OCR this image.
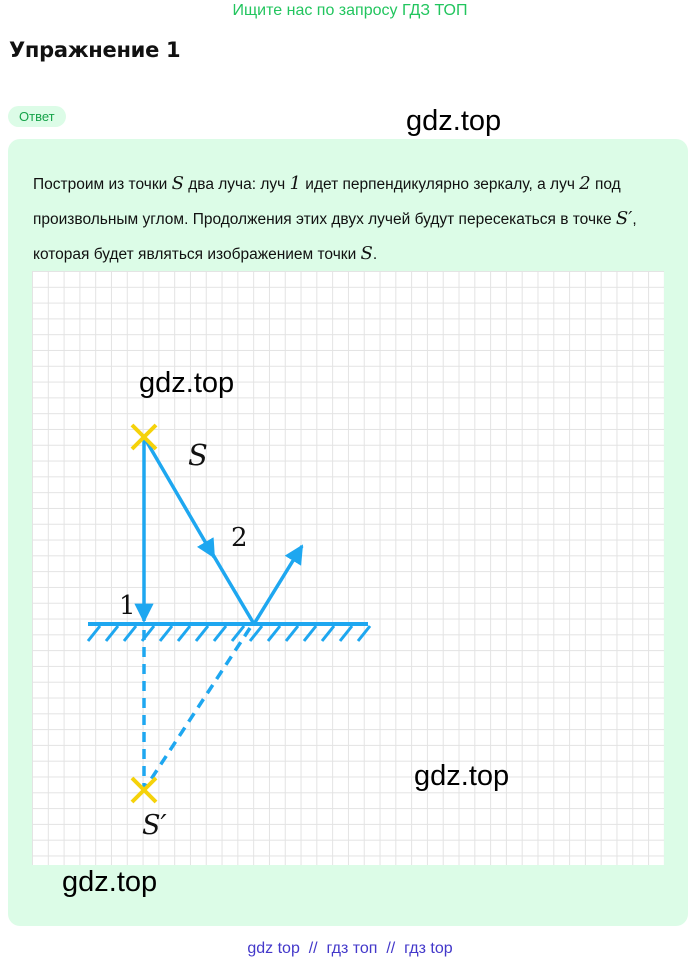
Ищите нас по запросу ГДЗ ТОП
Упражнение 1
Ответ	gdz.top
Построим из точки S два луча: луч 1 идет перпендикулярно зеркалу, а луч 2 под произвольным углом. Продолжения этих двух лучей будут пересекаться в точке S′, которая будет являться изображением точки S.
S
S′
1
2
gdz.top
gdz.top
gdz.top
gdz top // гдз топ // гдз top
